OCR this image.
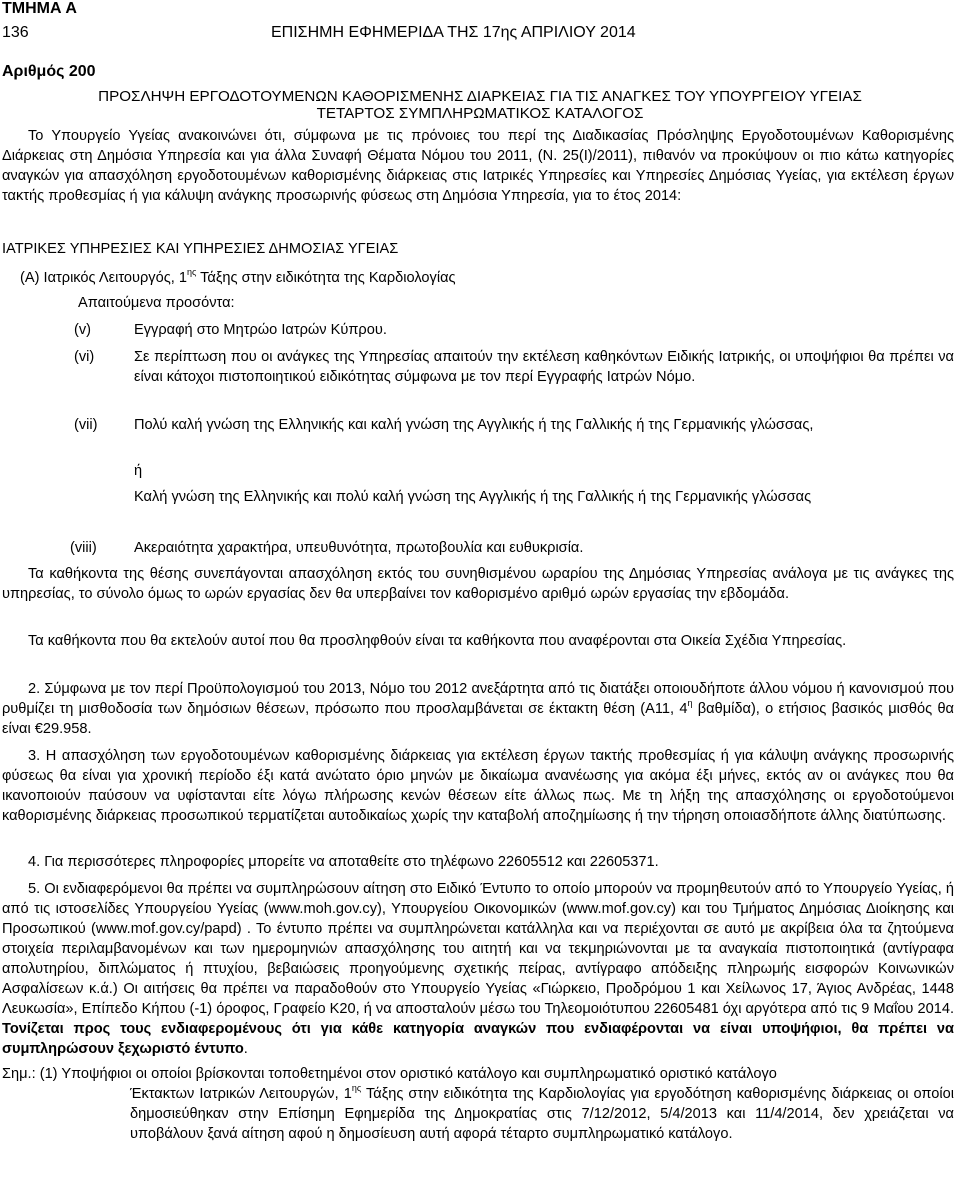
ΤΜΗΜΑ Α
136	ΕΠΙΣΗΜΗ ΕΦΗΜΕΡΙΔΑ ΤΗΣ 17ης ΑΠΡΙΛΙΟΥ 2014
Αριθμός 200
ΠΡΟΣΛΗΨΗ ΕΡΓΟΔΟΤΟΥΜΕΝΩΝ ΚΑΘΟΡΙΣΜΕΝΗΣ ΔΙΑΡΚΕΙΑΣ ΓΙΑ ΤΙΣ ΑΝΑΓΚΕΣ ΤΟΥ ΥΠΟΥΡΓΕΙΟΥ ΥΓΕΙΑΣ
ΤΕΤΑΡΤΟΣ ΣΥΜΠΛΗΡΩΜΑΤΙΚΟΣ ΚΑΤΑΛΟΓΟΣ
Το Υπουργείο Υγείας ανακοινώνει ότι, σύμφωνα με τις πρόνοιες του περί της Διαδικασίας Πρόσληψης Εργοδοτουμένων Καθορισμένης Διάρκειας στη Δημόσια Υπηρεσία και για άλλα Συναφή Θέματα Νόμου του 2011, (Ν. 25(I)/2011), πιθανόν να προκύψουν οι πιο κάτω κατηγορίες αναγκών για απασχόληση εργοδοτουμένων καθορισμένης διάρκειας στις Ιατρικές Υπηρεσίες και Υπηρεσίες Δημόσιας Υγείας, για εκτέλεση έργων τακτής προθεσμίας ή για κάλυψη ανάγκης προσωρινής φύσεως στη Δημόσια Υπηρεσία, για το έτος 2014:
ΙΑΤΡΙΚΕΣ ΥΠΗΡΕΣΙΕΣ ΚΑΙ ΥΠΗΡΕΣΙΕΣ ΔΗΜΟΣΙΑΣ ΥΓΕΙΑΣ
(Α) Ιατρικός Λειτουργός, $1^{\eta\varsigma}$ Τάξης στην ειδικότητα της Καρδιολογίας
Απαιτούμενα προσόντα:
(v)	Εγγραφή στο Μητρώο Ιατρών Κύπρου.
(vi)	Σε περίπτωση που οι ανάγκες της Υπηρεσίας απαιτούν την εκτέλεση καθηκόντων Ειδικής Ιατρικής, οι υποψήφιοι θα πρέπει να είναι κάτοχοι πιστοποιητικού ειδικότητας σύμφωνα με τον περί Εγγραφής Ιατρών Νόμο.
(vii) Πολύ καλή γνώση της Ελληνικής και καλή γνώση της Αγγλικής ή της Γαλλικής ή της Γερμανικής γλώσσας,
ή
Καλή γνώση της Ελληνικής και πολύ καλή γνώση της Αγγλικής ή της Γαλλικής ή της Γερμανικής γλώσσας
(viii)	Ακεραιότητα χαρακτήρα, υπευθυνότητα, πρωτοβουλία και ευθυκρισία.
Τα καθήκοντα της θέσης συνεπάγονται απασχόληση εκτός του συνηθισμένου ωραρίου της Δημόσιας Υπηρεσίας ανάλογα με τις ανάγκες της υπηρεσίας, το σύνολο όμως το ωρών εργασίας δεν θα υπερβαίνει τον καθορισμένο αριθμό ωρών εργασίας την εβδομάδα.
Τα καθήκοντα που θα εκτελούν αυτοί που θα προσληφθούν είναι τα καθήκοντα που αναφέρονται στα Οικεία Σχέδια Υπηρεσίας.
2. Σύμφωνα με τον περί Προϋπολογισμού του 2013, Νόμο του 2012 ανεξάρτητα από τις διατάξει οποιουδήποτε άλλου νόμου ή κανονισμού που ρυθμίζει τη μισθοδοσία των δημόσιων θέσεων, πρόσωπο που προσλαμβάνεται σε έκτακτη θέση (Α11, $4^\eta$ βαθμίδα), ο ετήσιος βασικός μισθός θα είναι €29.958.
3. Η απασχόληση των εργοδοτουμένων καθορισμένης διάρκειας για εκτέλεση έργων τακτής προθεσμίας ή για κάλυψη ανάγκης προσωρινής φύσεως θα είναι για χρονική περίοδο έξι κατά ανώτατο όριο μηνών με δικαίωμα ανανέωσης για ακόμα έξι μήνες, εκτός αν οι ανάγκες που θα ικανοποιούν παύσουν να υφίστανται είτε λόγω πλήρωσης κενών θέσεων είτε άλλως πως. Με τη λήξη της απασχόλησης οι εργοδοτούμενοι καθορισμένης διάρκειας προσωπικού τερματίζεται αυτοδικαίως χωρίς την καταβολή αποζημίωσης ή την τήρηση οποιασδήποτε άλλης διατύπωσης.
4. Για περισσότερες πληροφορίες μπορείτε να αποταθείτε στο τηλέφωνο 22605512 και 22605371.
5. Οι ενδιαφερόμενοι θα πρέπει να συμπληρώσουν αίτηση στο Ειδικό Έντυπο το οποίο μπορούν να προμηθευτούν από το Υπουργείο Υγείας, ή από τις ιστοσελίδες Υπουργείου Υγείας (www.moh.gov.cy), Υπουργείου Οικονομικών (www.mof.gov.cy) και του Τμήματος Δημόσιας Διοίκησης και Προσωπικού (www.mof.gov.cy/papd) . Το έντυπο πρέπει να συμπληρώνεται κατάλληλα και να περιέχονται σε αυτό με ακρίβεια όλα τα ζητούμενα στοιχεία περιλαμβανομένων και των ημερομηνιών απασχόλησης του αιτητή και να τεκμηριώνονται με τα αναγκαία πιστοποιητικά (αντίγραφα απολυτηρίου, διπλώματος ή πτυχίου, βεβαιώσεις προηγούμενης σχετικής πείρας, αντίγραφο απόδειξης πληρωμής εισφορών Κοινωνικών Ασφαλίσεων κ.ά.) Οι αιτήσεις θα πρέπει να παραδοθούν στο Υπουργείο Υγείας «Γιώρκειο, Προδρόμου 1 και Χείλωνος 17, Άγιος Ανδρέας, 1448 Λευκωσία», Επίπεδο Κήπου (-1) όροφος, Γραφείο Κ20, ή να αποσταλούν μέσω του Τηλεομοιότυπου 22605481 όχι αργότερα από τις 9 Μαΐου 2014. Τονίζεται προς τους ενδιαφερομένους ότι για κάθε κατηγορία αναγκών που ενδιαφέρονται να είναι υποψήφιοι, θα πρέπει να συμπληρώσουν ξεχωριστό έντυπο.
Σημ.: (1) Υποψήφιοι οι οποίοι βρίσκονται τοποθετημένοι στον οριστικό κατάλογο και συμπληρωματικό οριστικό κατάλογο
Έκτακτων Ιατρικών Λειτουργών, $1^{\eta\varsigma}$ Τάξης στην ειδικότητα της Καρδιολογίας για εργοδότηση καθορισμένης διάρκειας οι οποίοι δημοσιεύθηκαν στην Επίσημη Εφημερίδα της Δημοκρατίας στις 7/12/2012, 5/4/2013 και 11/4/2014, δεν χρειάζεται να υποβάλουν ξανά αίτηση αφού η δημοσίευση αυτή αφορά τέταρτο συμπληρωματικό κατάλογο.
